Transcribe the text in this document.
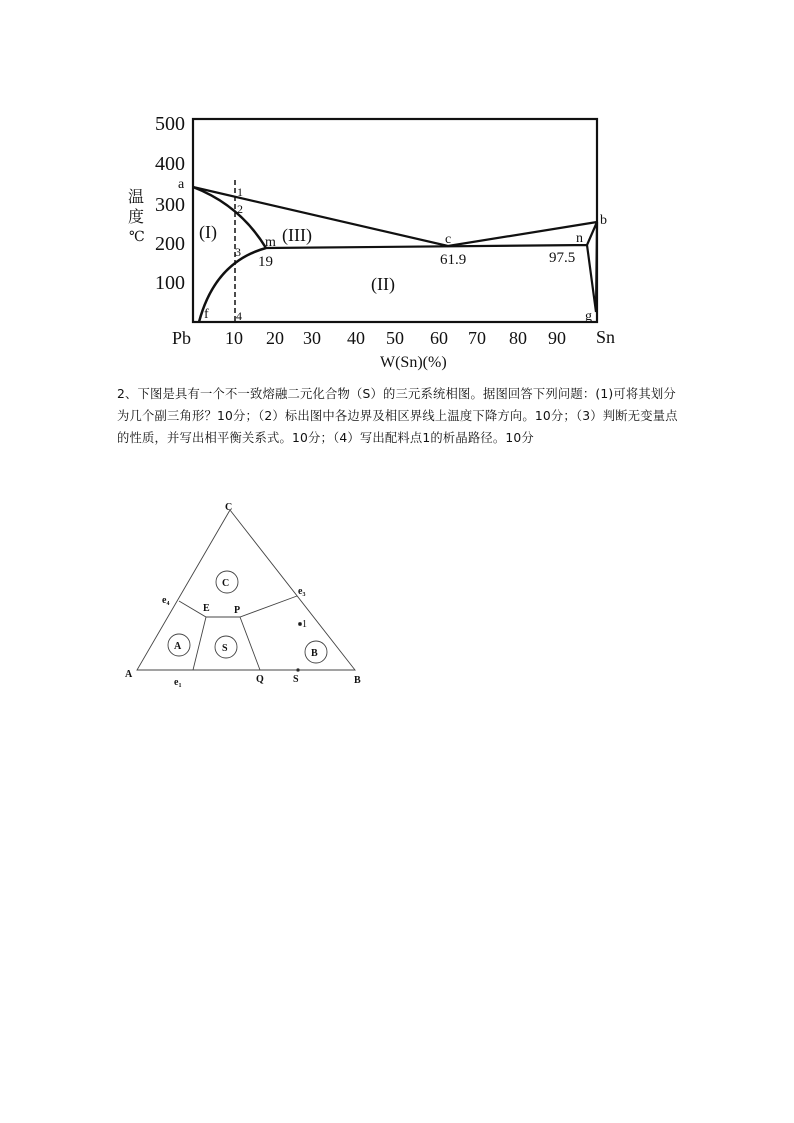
500
400
300
200
100
Pb 10 20 30 40 50 60 70 80 90 Sn
W(Sn)(%)
温
度
℃
a
b
c
m	n
f	g
1
2
3
4
19	61.9	97.5
(I)
(II)
(III)
C
A
B
E P
Q	S
1
$e_1$
$e_3$
$e_4$
C
A	S	B
2、下图是具有一个不一致熔融二元化合物（S）的三元系统相图。据图回答下列问题：(1)可将其划分为几个副三角形？10分；（2）标出图中各边界及相区界线上温度下降方向。10分；（3）判断无变量点的性质，并写出相平衡关系式。10分；（4）写出配料点1的析晶路径。10分
